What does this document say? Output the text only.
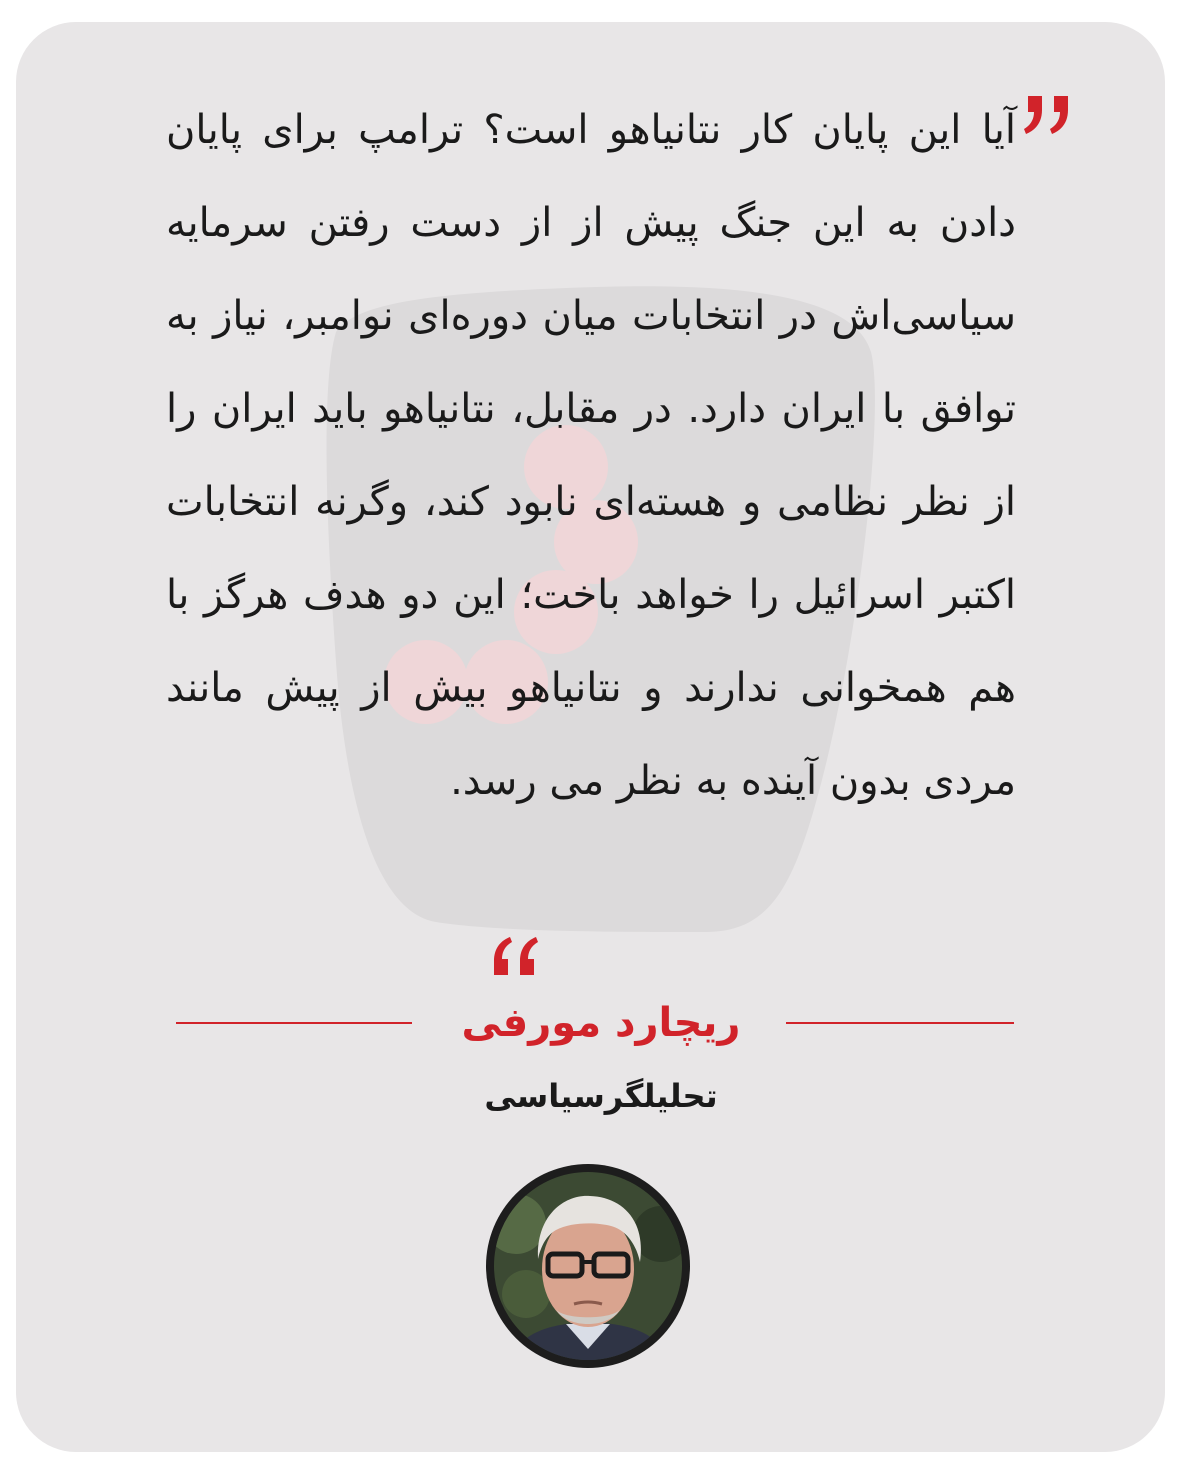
آیا این پایان کار نتانیاهو است؟ ترامپ برای پایان دادن به این جنگ پیش از از دست رفتن سرمایه سیاسی‌اش در انتخابات میان دوره‌ای نوامبر، نیاز به توافق با ایران دارد. در مقابل، نتانیاهو باید ایران را از نظر نظامی و هسته‌ای نابود کند، وگرنه انتخابات اکتبر اسرائیل را خواهد باخت؛ این دو هدف هرگز با هم همخوانی ندارند و نتانیاهو بیش از پیش مانند مردی بدون آینده به نظر می رسد.

ریچارد مورفی
تحلیلگرسیاسی
